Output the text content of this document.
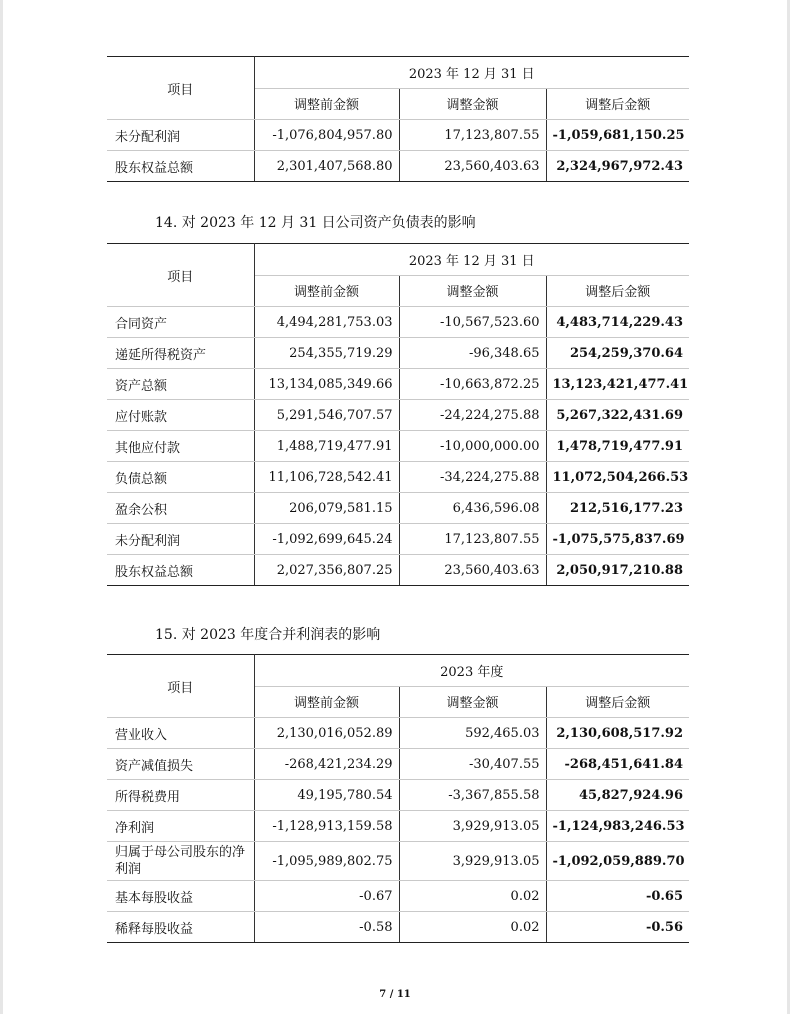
项目	2023 年 12 月 31 日		
	调整前金额	调整金额	调整后金额
未分配利润	-1,076,804,957.80	17,123,807.55	-1,059,681,150.25
股东权益总额	2,301,407,568.80	23,560,403.63	2,324,967,972.43
14. 对 2023 年 12 月 31 日公司资产负债表的影响
项目	2023 年 12 月 31 日		
	调整前金额	调整金额	调整后金额
合同资产	4,494,281,753.03	-10,567,523.60	4,483,714,229.43
递延所得税资产	254,355,719.29	-96,348.65	254,259,370.64
资产总额	13,134,085,349.66	-10,663,872.25	13,123,421,477.41
应付账款	5,291,546,707.57	-24,224,275.88	5,267,322,431.69
其他应付款	1,488,719,477.91	-10,000,000.00	1,478,719,477.91
负债总额	11,106,728,542.41	-34,224,275.88	11,072,504,266.53
盈余公积	206,079,581.15	6,436,596.08	212,516,177.23
未分配利润	-1,092,699,645.24	17,123,807.55	-1,075,575,837.69
股东权益总额	2,027,356,807.25	23,560,403.63	2,050,917,210.88
15. 对 2023 年度合并利润表的影响
项目	2023 年度		
	调整前金额	调整金额	调整后金额
营业收入	2,130,016,052.89	592,465.03	2,130,608,517.92
资产减值损失	-268,421,234.29	-30,407.55	-268,451,641.84
所得税费用	49,195,780.54	-3,367,855.58	45,827,924.96
净利润	-1,128,913,159.58	3,929,913.05	-1,124,983,246.53
归属于母公司股东的净利润	-1,095,989,802.75	3,929,913.05	-1,092,059,889.70
基本每股收益	-0.67	0.02	-0.65
稀释每股收益	-0.58	0.02	-0.56
7 / 11
